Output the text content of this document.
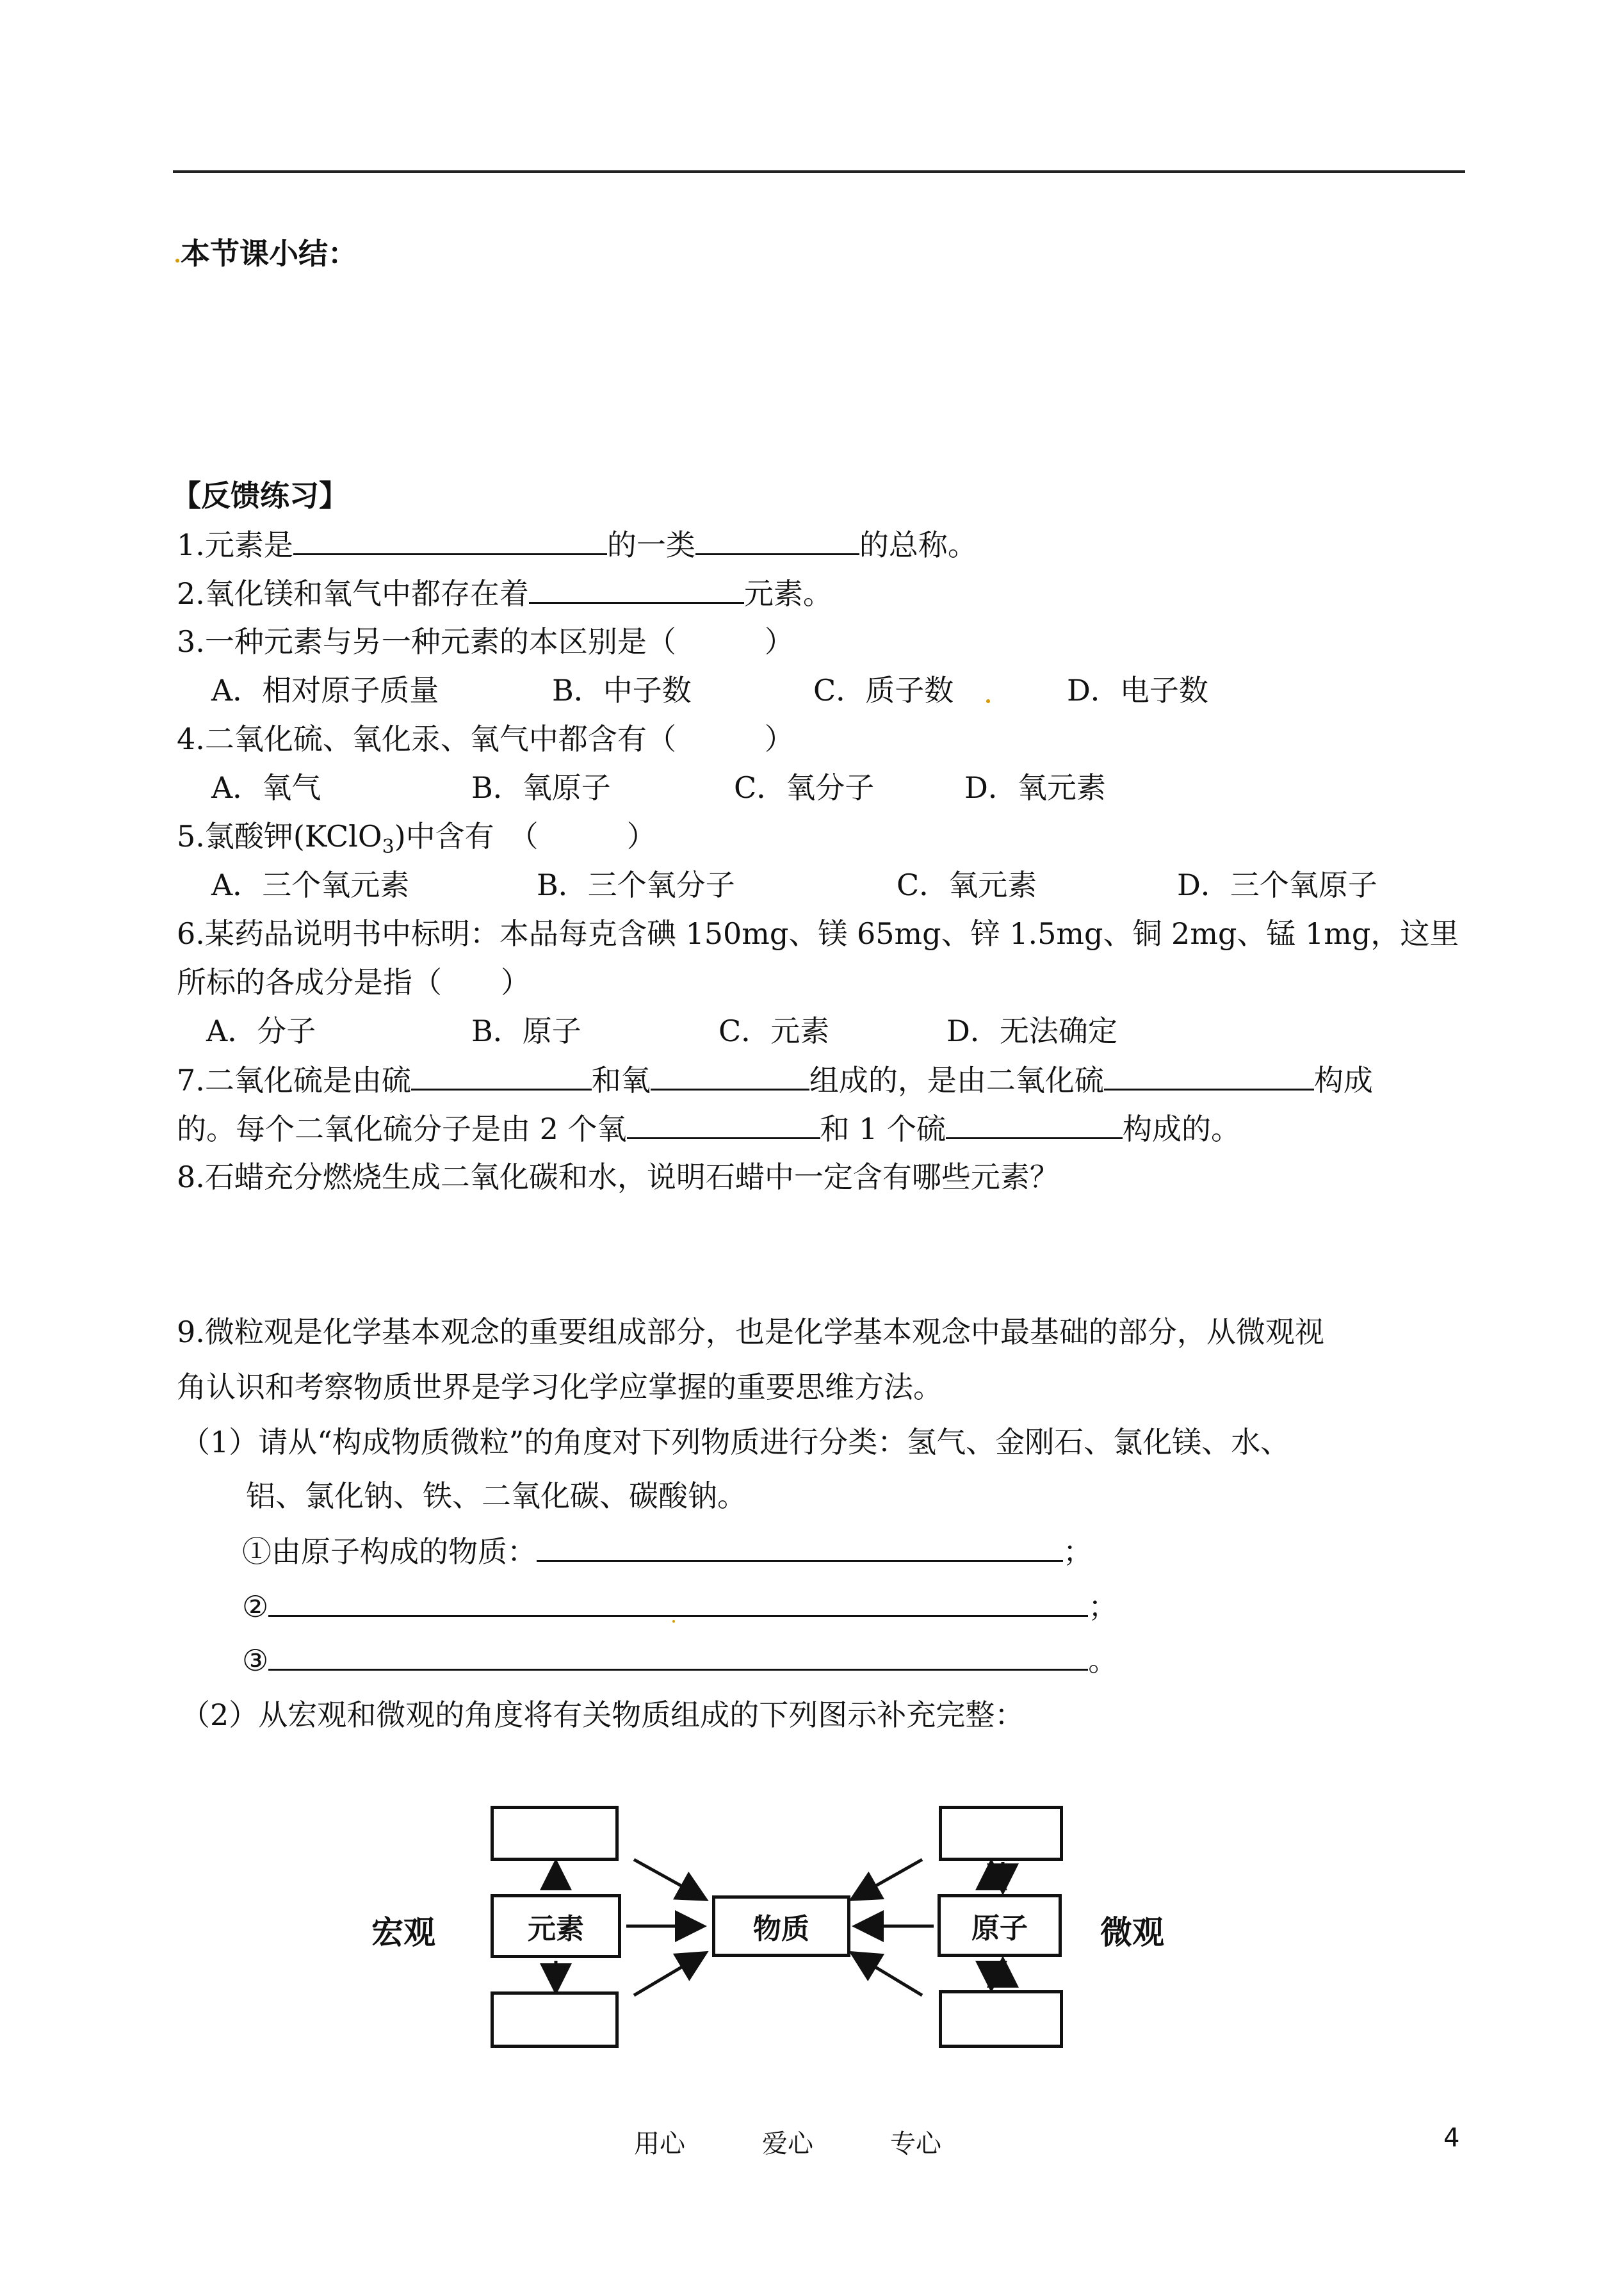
本节课小结：
【反馈练习】
1.元素是	的一类	的总称。
2.氧化镁和氧气中都存在着	元素。
3.一种元素与另一种元素的本区别是（　　　）
A．相对原子质量	B．中子数	C．质子数	D．电子数
4.二氧化硫、氧化汞、氧气中都含有（　　　）
A．氧气	B．氧原子	C．氧分子	D．氧元素
5.氯酸钾(KClO$_3$)中含有　（　　　）
A．三个氧元素	B．三个氧分子	C．氧元素	D．三个氧原子
6.某药品说明书中标明：本品每克含碘 150mg、镁 65mg、锌 1.5mg、铜 2mg、锰 1mg，这里
所标的各成分是指（　　）
A．分子	B．原子	C．元素	D．无法确定
7.二氧化硫是由硫	和氧	组成的，是由二氧化硫	构成
的。每个二氧化硫分子是由 2 个氧	和 1 个硫	构成的。
8.石蜡充分燃烧生成二氧化碳和水，说明石蜡中一定含有哪些元素？
9.微粒观是化学基本观念的重要组成部分，也是化学基本观念中最基础的部分，从微观视
角认识和考察物质世界是学习化学应掌握的重要思维方法。
（1）请从“构成物质微粒”的角度对下列物质进行分类：氢气、金刚石、氯化镁、水、
铝、氯化钠、铁、二氧化碳、碳酸钠。
①由原子构成的物质：	；
②	；
③	。
（2）从宏观和微观的角度将有关物质组成的下列图示补充完整：
宏观	微观
元素	物质	原子
用心	爱心	专心	4
